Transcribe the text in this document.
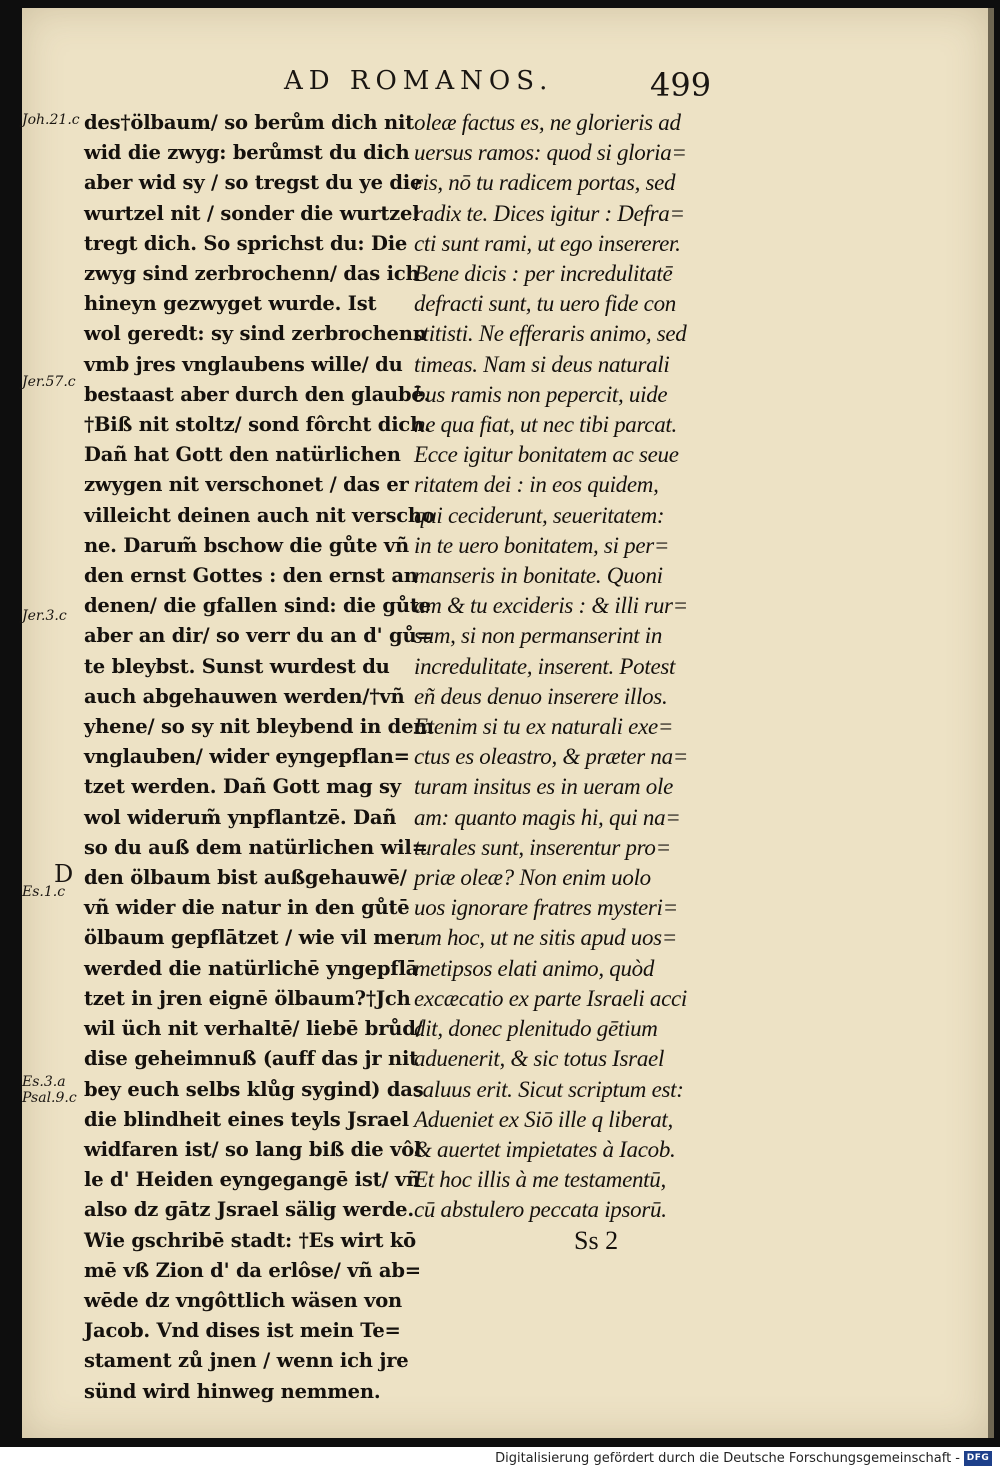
AD ROMANOS.	499
Joh.21.c
Jer.57.c
Jer.3.c
Es.1.c
Es.3.a
Psal.9.c
D
des†ölbaum/ so berům dich nit
wid die zwyg: berůmst du dich
aber wid sy / so tregst du ye die
wurtzel nit / sonder die wurtzel
tregt dich. So sprichst du: Die
zwyg sind zerbrochenn/ das ich
hineyn gezwyget wurde. Ist
wol geredt: sy sind zerbrochenn
vmb jres vnglaubens wille/ du
bestaast aber durch den glaubē.
†Biß nit stoltz/ sond fôrcht dich.
Dañ hat Gott den natürlichen
zwygen nit verschonet / das er
villeicht deinen auch nit verscho
ne. Darum̃ bschow die gůte vñ
den ernst Gottes : den ernst an
denen/ die gfallen sind: die gůte
aber an dir/ so verr du an d' gů=
te bleybst. Sunst wurdest du
auch abgehauwen werden/†vñ
yhene/ so sy nit bleybend in dem
vnglauben/ wider eyngepflan=
tzet werden. Dañ Gott mag sy
wol widerum̃ ynpflantzē. Dañ
so du auß dem natürlichen wil=
den ölbaum bist außgehauwē/
vñ wider die natur in den gůtē
ölbaum gepflātzet / wie vil mer
werded die natürlichē yngepflā
tzet in jren eignē ölbaum?†Jch
wil üch nit verhaltē/ liebē brůd/
dise geheimnuß (auff das jr nit
bey euch selbs klůg sygind) das
die blindheit eines teyls Jsrael
widfaren ist/ so lang biß die vôl
le d' Heiden eyngegangē ist/ vñ
also dz gātz Jsrael sälig werde.
Wie gschribē stadt: †Es wirt kō
mē vß Zion d' da erlôse/ vñ ab=
wēde dz vngôttlich wäsen von
Jacob. Vnd dises ist mein Te=
stament zů jnen / wenn ich jre
sünd wird hinweg nemmen.
oleæ factus es, ne glorieris ad
uersus ramos: quod si gloria=
ris, nō tu radicem portas, sed
radix te. Dices igitur : Defra=
cti sunt rami, ut ego insererer.
Bene dicis : per incredulitatē
defracti sunt, tu uero fide con
stitisti. Ne efferaris animo, sed
timeas. Nam si deus naturali
bus ramis non pepercit, uide
ne qua fiat, ut nec tibi parcat.
Ecce igitur bonitatem ac seue
ritatem dei : in eos quidem,
qui ceciderunt, seueritatem:
in te uero bonitatem, si per=
manseris in bonitate. Quoni
am & tu excideris : & illi rur=
sum, si non permanserint in
incredulitate, inserent. Potest
eñ deus denuo inserere illos.
Etenim si tu ex naturali exe=
ctus es oleastro, & præter na=
turam insitus es in ueram ole
am: quanto magis hi, qui na=
turales sunt, inserentur pro=
priæ oleæ? Non enim uolo
uos ignorare fratres mysteri=
um hoc, ut ne sitis apud uos=
metipsos elati animo, quòd
excæcatio ex parte Israeli acci
dit, donec plenitudo gētium
aduenerit, & sic totus Israel
saluus erit. Sicut scriptum est:
Adueniet ex Siō ille q liberat,
& auertet impietates à Iacob.
Et hoc illis à me testamentū,
cū abstulero peccata ipsorū.
Ss 2
Digitalisierung gefördert durch die Deutsche Forschungsgemeinschaft - DFG
